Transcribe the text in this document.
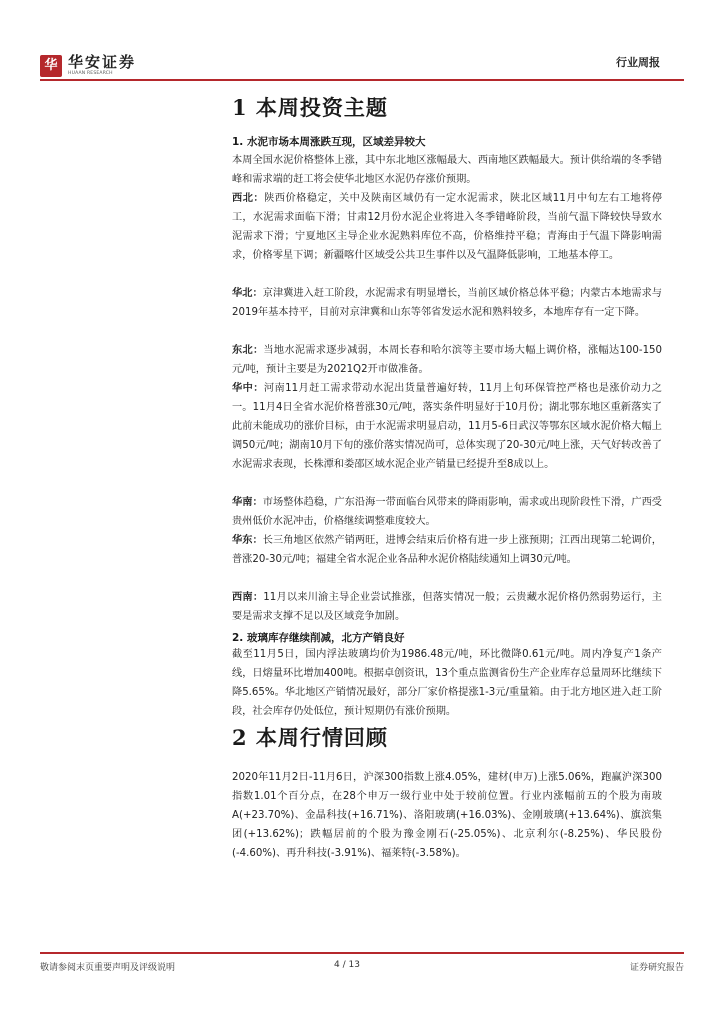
华 华安证券
HUAAN RESEARCH
行业周报
1 本周投资主题
1. 水泥市场本周涨跌互现，区域差异较大

本周全国水泥价格整体上涨，其中东北地区涨幅最大、西南地区跌幅最大。预计供给端的冬季错峰和需求端的赶工将会使华北地区水泥仍存涨价预期。

西北：陕西价格稳定，关中及陕南区域仍有一定水泥需求，陕北区域11月中旬左右工地将停工，水泥需求面临下滑；甘肃12月份水泥企业将进入冬季错峰阶段，当前气温下降较快导致水泥需求下滑；宁夏地区主导企业水泥熟料库位不高，价格维持平稳；青海由于气温下降影响需求，价格零星下调；新疆喀什区域受公共卫生事件以及气温降低影响，工地基本停工。

华北：京津冀进入赶工阶段，水泥需求有明显增长，当前区域价格总体平稳；内蒙古本地需求与2019年基本持平，目前对京津冀和山东等邻省发运水泥和熟料较多，本地库存有一定下降。

东北：当地水泥需求逐步减弱，本周长春和哈尔滨等主要市场大幅上调价格，涨幅达100-150元/吨，预计主要是为2021Q2开市做准备。

华中：河南11月赶工需求带动水泥出货量普遍好转，11月上旬环保管控严格也是涨价动力之一。11月4日全省水泥价格普涨30元/吨，落实条件明显好于10月份；湖北鄂东地区重新落实了此前未能成功的涨价目标，由于水泥需求明显启动，11月5-6日武汉等鄂东区域水泥价格大幅上调50元/吨；湖南10月下旬的涨价落实情况尚可，总体实现了20-30元/吨上涨，天气好转改善了水泥需求表现，长株潭和娄邵区域水泥企业产销量已经提升至8成以上。

华南：市场整体趋稳，广东沿海一带面临台风带来的降雨影响，需求或出现阶段性下滑，广西受贵州低价水泥冲击，价格继续调整难度较大。

华东：长三角地区依然产销两旺，进博会结束后价格有进一步上涨预期；江西出现第二轮调价，普涨20-30元/吨；福建全省水泥企业各品种水泥价格陆续通知上调30元/吨。

西南：11月以来川渝主导企业尝试推涨，但落实情况一般；云贵藏水泥价格仍然弱势运行，主要是需求支撑不足以及区域竞争加剧。

2. 玻璃库存继续削减，北方产销良好

截至11月5日，国内浮法玻璃均价为1986.48元/吨，环比微降0.61元/吨。周内净复产1条产线，日熔量环比增加400吨。根据卓创资讯，13个重点监测省份生产企业库存总量周环比继续下降5.65%。华北地区产销情况最好，部分厂家价格提涨1-3元/重量箱。由于北方地区进入赶工阶段，社会库存仍处低位，预计短期仍有涨价预期。

2 本周行情回顾

2020年11月2日-11月6日，沪深300指数上涨4.05%，建材(申万)上涨5.06%，跑赢沪深300指数1.01个百分点，在28个申万一级行业中处于较前位置。行业内涨幅前五的个股为南玻A(+23.70%)、金晶科技(+16.71%)、洛阳玻璃(+16.03%)、金刚玻璃(+13.64%)、旗滨集团(+13.62%)；跌幅居前的个股为豫金刚石(-25.05%)、北京利尔(-8.25%)、华民股份(-4.60%)、再升科技(-3.91%)、福莱特(-3.58%)。

敬请参阅末页重要声明及评级说明	4 / 13	证券研究报告
